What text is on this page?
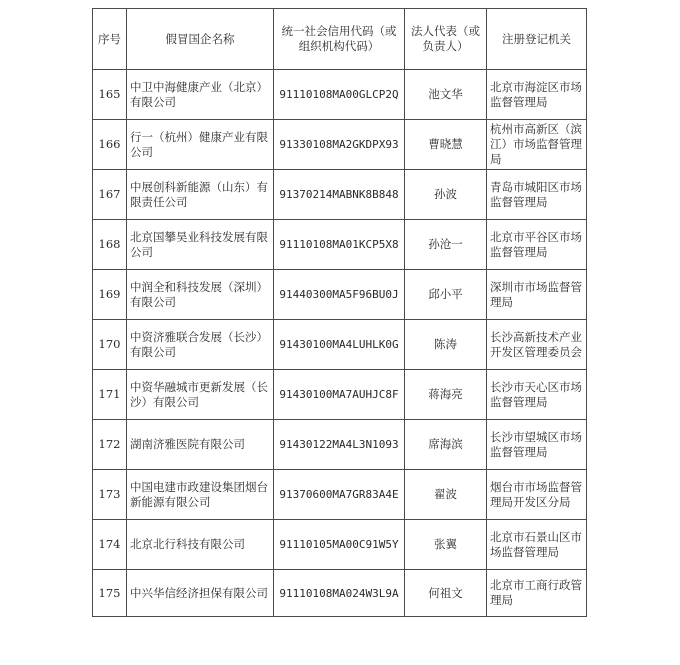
序号	假冒国企名称	统一社会信用代码（或组织机构代码）	法人代表（或负责人）	注册登记机关
165	中卫中海健康产业（北京）有限公司	91110108MA00GLCP2Q	池文华	北京市海淀区市场监督管理局
166	行一（杭州）健康产业有限公司	91330108MA2GKDPX93	曹晓慧	杭州市高新区（滨江）市场监督管理局
167	中展创科新能源（山东）有限责任公司	91370214MABNK8B848	孙波	青岛市城阳区市场监督管理局
168	北京国攀昊业科技发展有限公司	91110108MA01KCP5X8	孙沧一	北京市平谷区市场监督管理局
169	中润全和科技发展（深圳）有限公司	91440300MA5F96BU0J	邱小平	深圳市市场监督管理局
170	中资济雅联合发展（长沙）有限公司	91430100MA4LUHLK0G	陈涛	长沙高新技术产业开发区管理委员会
171	中资华融城市更新发展（长沙）有限公司	91430100MA7AUHJC8F	蒋海亮	长沙市天心区市场监督管理局
172	湖南济雅医院有限公司	91430122MA4L3N1093	席海滨	长沙市望城区市场监督管理局
173	中国电建市政建设集团烟台新能源有限公司	91370600MA7GR83A4E	翟波	烟台市市场监督管理局开发区分局
174	北京北行科技有限公司	91110105MA00C91W5Y	张翼	北京市石景山区市场监督管理局
175	中兴华信经济担保有限公司	91110108MA024W3L9A	何祖文	北京市工商行政管理局
